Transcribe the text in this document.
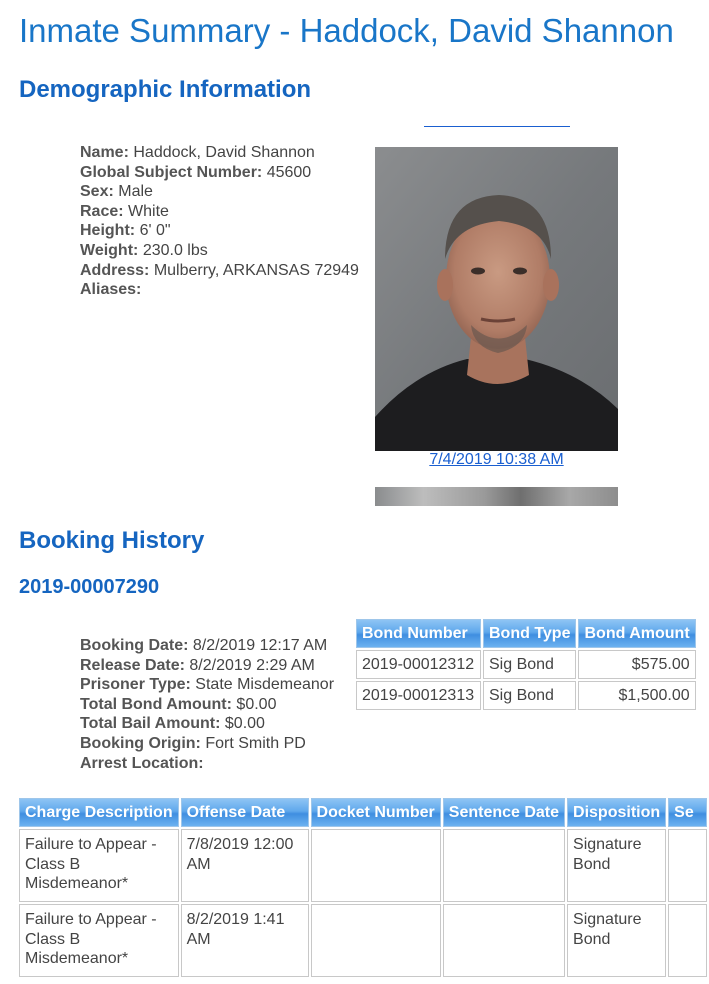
Inmate Summary - Haddock, David Shannon
Demographic Information
Name: Haddock, David Shannon
Global Subject Number: 45600
Sex: Male
Race: White
Height: 6' 0"
Weight: 230.0 lbs
Address: Mulberry, ARKANSAS 72949
Aliases:
7/4/2019 10:38 AM
Booking History
2019-00007290
Booking Date: 8/2/2019 12:17 AM
Release Date: 8/2/2019 2:29 AM
Prisoner Type: State Misdemeanor
Total Bond Amount: $0.00
Total Bail Amount: $0.00
Booking Origin: Fort Smith PD
Arrest Location:
Bond Number	Bond Type	Bond Amount
2019-00012312	Sig Bond	$575.00
2019-00012313	Sig Bond	$1,500.00
Charge Description	Offense Date	Docket Number	Sentence Date	Disposition	Se
Failure to Appear - Class B Misdemeanor*	7/8/2019 12:00 AM			Signature Bond	
Failure to Appear - Class B Misdemeanor*	8/2/2019 1:41 AM			Signature Bond	
